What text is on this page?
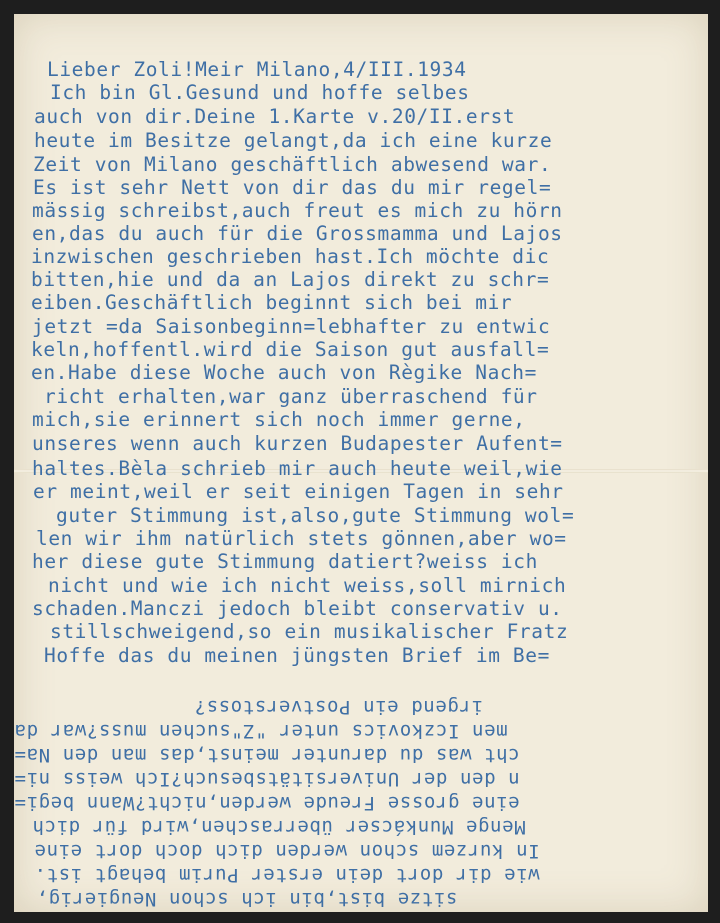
Lieber Zoli!Meir Milano,4/III.1934
Ich bin Gl.Gesund und hoffe selbes
auch von dir.Deine 1.Karte v.20/II.erst
heute im Besitze gelangt,da ich eine kurze
Zeit von Milano geschäftlich abwesend war.
Es ist sehr Nett von dir das du mir regel=
mässig schreibst,auch freut es mich zu hörn
en,das du auch für die Grossmamma und Lajos
inzwischen geschrieben hast.Ich möchte dic
bitten,hie und da an Lajos direkt zu schr=
eiben.Geschäftlich beginnt sich bei mir
jetzt =da Saisonbeginn=lebhafter zu entwic
keln,hoffentl.wird die Saison gut ausfall=
en.Habe diese Woche auch von Règike Nach=
richt erhalten,war ganz überraschend für
mich,sie erinnert sich noch immer gerne,
unseres wenn auch kurzen Budapester Aufent=
haltes.Bèla schrieb mir auch heute weil,wie
er meint,weil er seit einigen Tagen in sehr
guter Stimmung ist,also,gute Stimmung wol=
len wir ihm natürlich stets gönnen,aber wo=
her diese gute Stimmung datiert?weiss ich
nicht und wie ich nicht weiss,soll mirnich
schaden.Manczi jedoch bleibt conservativ u.
stillschweigend,so ein musikalischer Fratz
Hoffe das du meinen jüngsten Brief im Be=
sitze bist,bin ich schon Neugierig,
wie dir dort dein erster Purim behagt ist.
In kurzem schon werden dich doch dort eine
Menge Munkácser überraschen,wird für dich
eine grosse Freude werden,nicht?Wann begi=
n den der Universitätsbesuch?Ich weiss ni=
cht was du darunter meinst,das man den Na=
men Iczkovics unter "Z"suchen muss?war da
irgend ein Postverstoss?
